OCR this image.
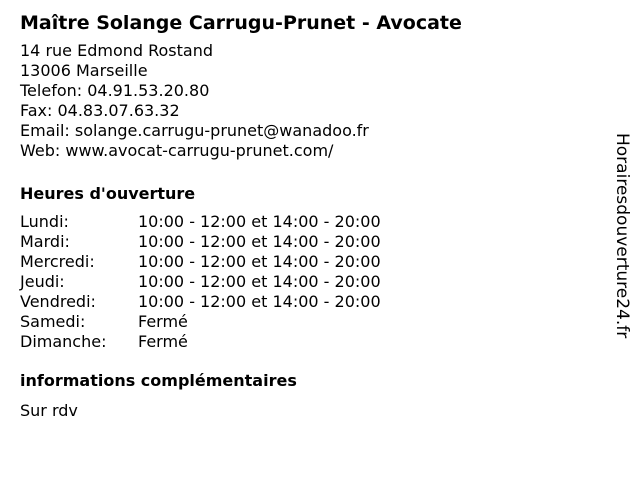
Maître Solange Carrugu-Prunet - Avocate
14 rue Edmond Rostand
13006 Marseille
Telefon: 04.91.53.20.80
Fax: 04.83.07.63.32
Email: solange.carrugu-prunet@wanadoo.fr
Web: www.avocat-carrugu-prunet.com/
Heures d'ouverture
Lundi:	10:00 - 12:00 et 14:00 - 20:00
Mardi:	10:00 - 12:00 et 14:00 - 20:00
Mercredi:	10:00 - 12:00 et 14:00 - 20:00
Jeudi:	10:00 - 12:00 et 14:00 - 20:00
Vendredi:	10:00 - 12:00 et 14:00 - 20:00
Samedi:	Fermé
Dimanche:	Fermé
informations complémentaires
Sur rdv
Horairesdouverture24.fr
